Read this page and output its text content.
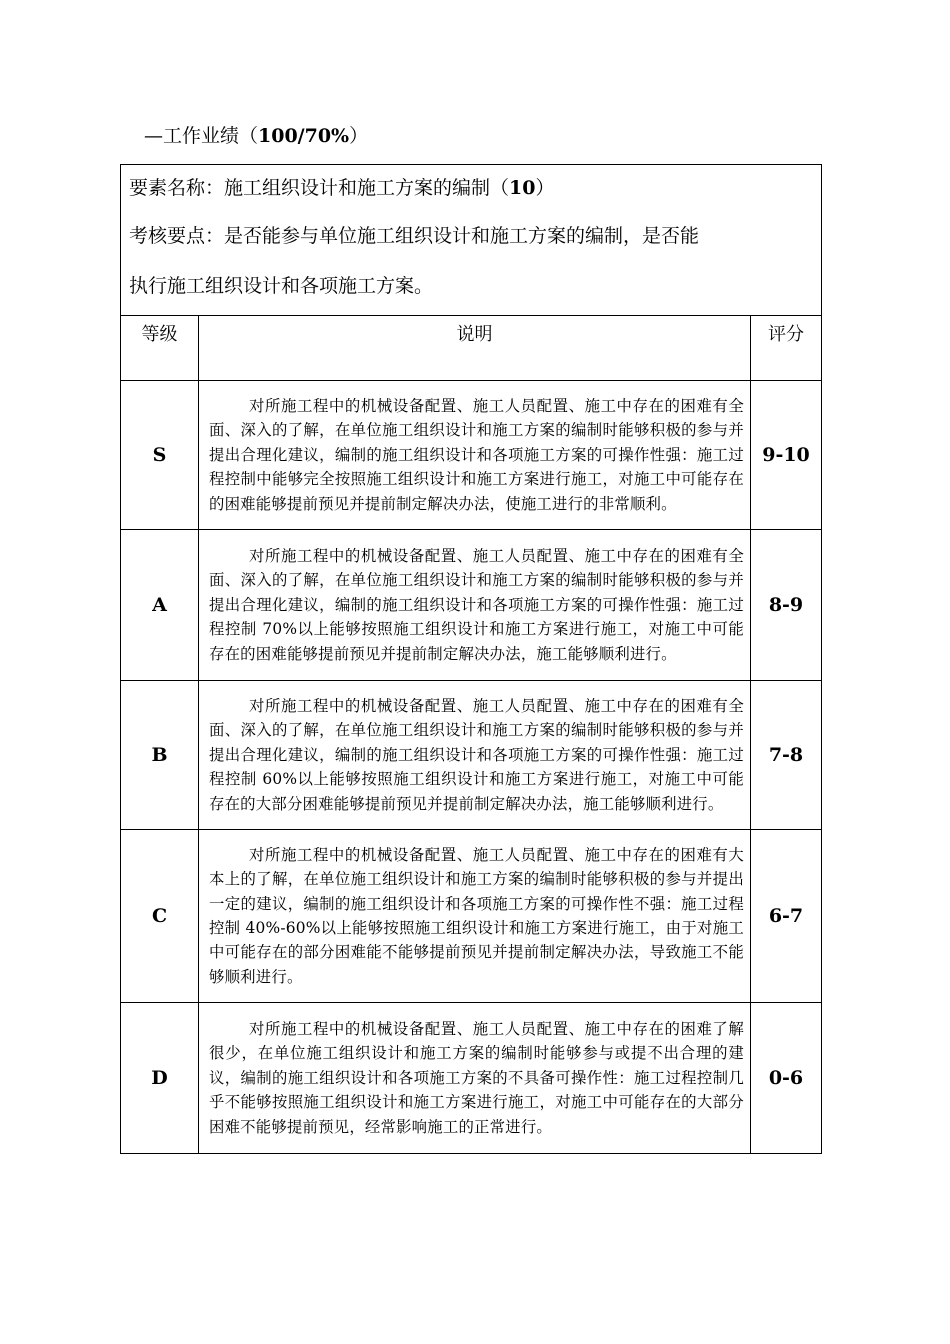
—工作业绩（100/70%）
要素名称：施工组织设计和施工方案的编制（10）
考核要点：是否能参与单位施工组织设计和施工方案的编制，是否能
执行施工组织设计和各项施工方案。		

等级	说明	评分
S	对所施工程中的机械设备配置、施工人员配置、施工中存在的困难有全面、深入的了解，在单位施工组织设计和施工方案的编制时能够积极的参与并提出合理化建议，编制的施工组织设计和各项施工方案的可操作性强：施工过程控制中能够完全按照施工组织设计和施工方案进行施工，对施工中可能存在的困难能够提前预见并提前制定解决办法，使施工进行的非常顺利。	9-10
A	对所施工程中的机械设备配置、施工人员配置、施工中存在的困难有全面、深入的了解，在单位施工组织设计和施工方案的编制时能够积极的参与并提出合理化建议，编制的施工组织设计和各项施工方案的可操作性强：施工过程控制 70%以上能够按照施工组织设计和施工方案进行施工，对施工中可能存在的困难能够提前预见并提前制定解决办法，施工能够顺利进行。	8-9
B	对所施工程中的机械设备配置、施工人员配置、施工中存在的困难有全面、深入的了解，在单位施工组织设计和施工方案的编制时能够积极的参与并提出合理化建议，编制的施工组织设计和各项施工方案的可操作性强：施工过程控制 60%以上能够按照施工组织设计和施工方案进行施工，对施工中可能存在的大部分困难能够提前预见并提前制定解决办法，施工能够顺利进行。	7-8
C	对所施工程中的机械设备配置、施工人员配置、施工中存在的困难有大本上的了解，在单位施工组织设计和施工方案的编制时能够积极的参与并提出一定的建议，编制的施工组织设计和各项施工方案的可操作性不强：施工过程控制 40%-60%以上能够按照施工组织设计和施工方案进行施工，由于对施工中可能存在的部分困难能不能够提前预见并提前制定解决办法，导致施工不能够顺利进行。	6-7
D	对所施工程中的机械设备配置、施工人员配置、施工中存在的困难了解很少，在单位施工组织设计和施工方案的编制时能够参与或提不出合理的建议，编制的施工组织设计和各项施工方案的不具备可操作性：施工过程控制几乎不能够按照施工组织设计和施工方案进行施工，对施工中可能存在的大部分困难不能够提前预见，经常影响施工的正常进行。	0-6
